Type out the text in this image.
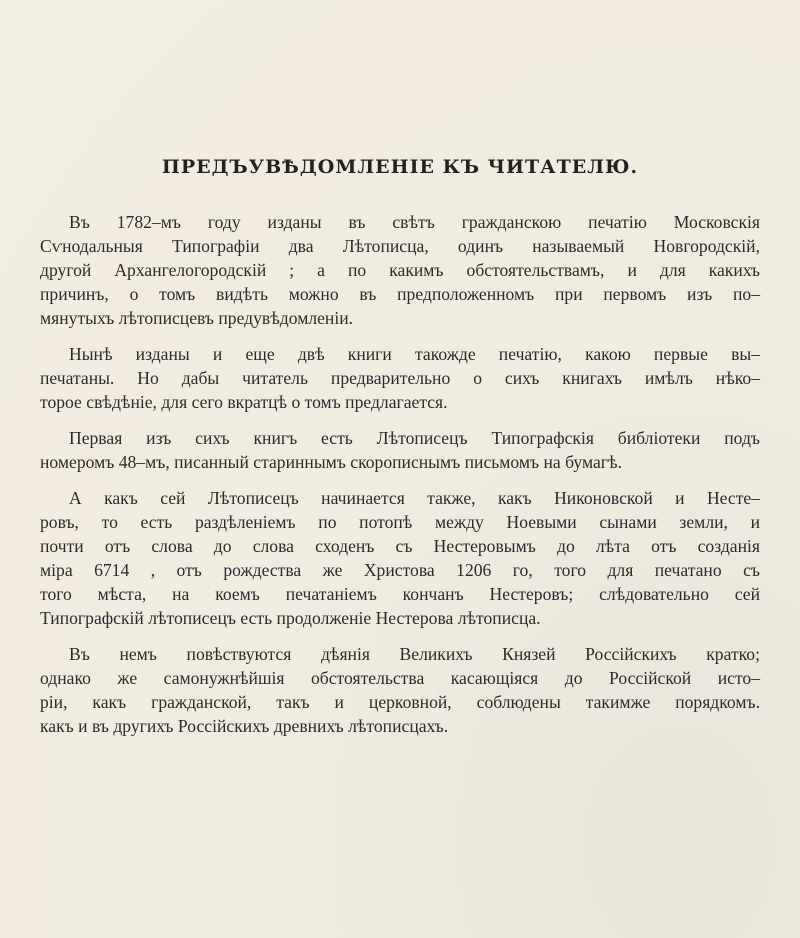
ПРЕДЪУВѢДОМЛЕНІЕ КЪ ЧИТАТЕЛЮ.

Въ 1782–мъ году изданы въ свѣтъ гражданскою печатію Московскія
Сѵнодальныя Типографіи два Лѣтописца, одинъ называемый Новгородскій,
другой Архангелогородскій ; а по какимъ обстоятельствамъ, и для какихъ
причинъ, о томъ видѣть можно въ предположенномъ при первомъ изъ по–
мянутыхъ лѣтописцевъ предувѣдомленіи.

Нынѣ изданы и еще двѣ книги такожде печатію, какою первые вы–
печатаны. Но дабы читатель предварительно о сихъ книгахъ имѣлъ нѣко–
торое свѣдѣніе, для сего вкратцѣ о томъ предлагается.

Первая изъ сихъ книгъ есть Лѣтописецъ Типографскія библіотеки подъ
номеромъ 48–мъ, писанный стариннымъ скорописнымъ письмомъ на бумагѣ.

А какъ сей Лѣтописецъ начинается также, какъ Никоновской и Несте–
ровъ, то есть раздѣленіемъ по потопѣ между Ноевыми сынами земли, и
почти отъ слова до слова сходенъ съ Нестеровымъ до лѣта отъ созданія
міра 6714 , отъ рождества же Христова 1206 го, того для печатано съ
того мѣста, на коемъ печатаніемъ кончанъ Нестеровъ; слѣдовательно сей
Типографскій лѣтописецъ есть продолженіе Нестерова лѣтописца.

Въ немъ повѣствуются дѣянія Великихъ Князей Россійскихъ кратко;
однако же самонужнѣйшія обстоятельства касающіяся до Россійской исто–
ріи, какъ гражданской, такъ и церковной, соблюдены такимже порядкомъ.
какъ и въ другихъ Россійскихъ древнихъ лѣтописцахъ.
